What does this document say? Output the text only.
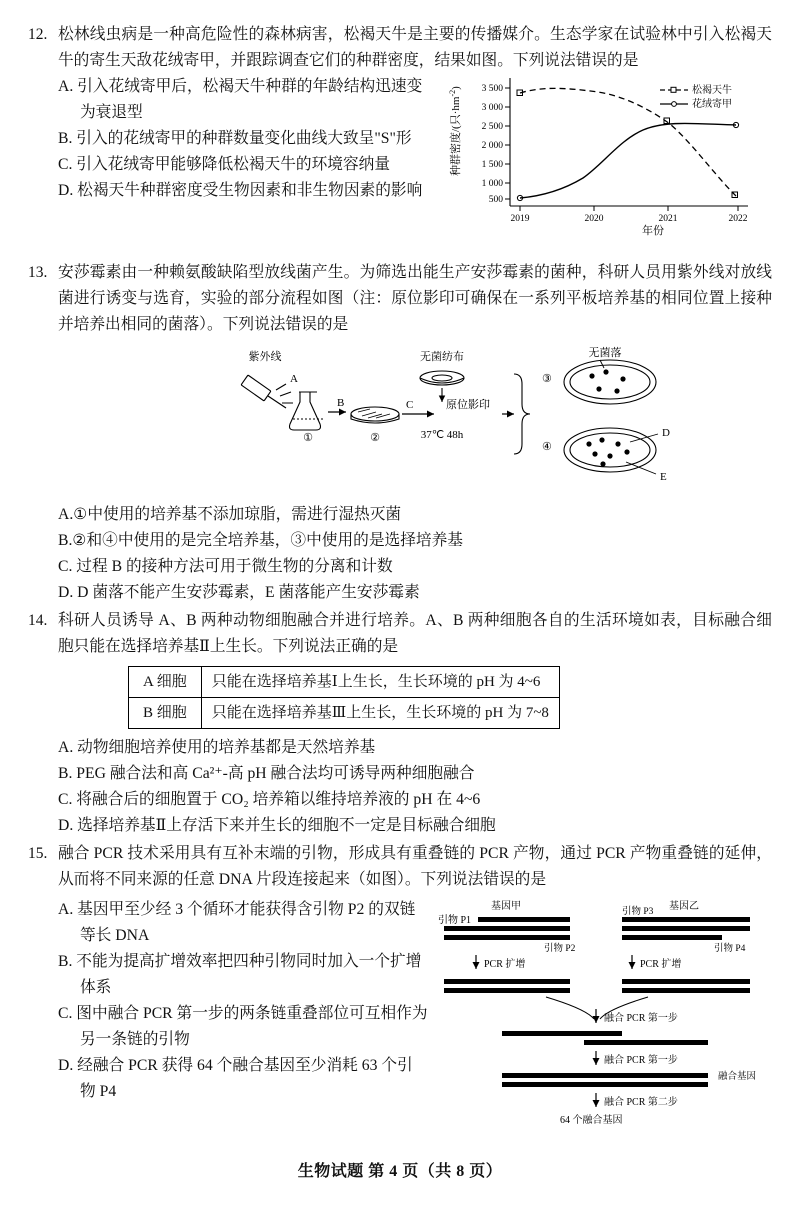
12. 松林线虫病是一种高危险性的森林病害，松褐天牛是主要的传播媒介。生态学家在试验林中引入松褐天牛的寄生天敌花绒寄甲，并跟踪调查它们的种群密度，结果如图。下列说法错误的是
A. 引入花绒寄甲后，松褐天牛种群的年龄结构迅速变为衰退型
B. 引入的花绒寄甲的种群数量变化曲线大致呈"S"形
C. 引入花绒寄甲能够降低松褐天牛的环境容纳量
D. 松褐天牛种群密度受生物因素和非生物因素的影响
种群密度/(只$\cdot hm^{-2}$) 3 500
3 000
2 500
2 000
1 500
1 000
500
2019	2020	2021	2022
年份
松褐天牛
花绒寄甲
13. 安莎霉素由一种赖氨酸缺陷型放线菌产生。为筛选出能生产安莎霉素的菌种，科研人员用紫外线对放线菌进行诱变与选育，实验的部分流程如图（注：原位影印可确保在一系列平板培养基的相同位置上接种并培养出相同的菌落）。下列说法错误的是
紫外线
A
①
B
②
无菌纺布
C	原位影印
37℃ 48h
③
无菌落
④
D
E
A.①中使用的培养基不添加琼脂，需进行湿热灭菌
B.②和④中使用的是完全培养基，③中使用的是选择培养基
C. 过程 B 的接种方法可用于微生物的分离和计数
D. D 菌落不能产生安莎霉素，E 菌落能产生安莎霉素
14. 科研人员诱导 A、B 两种动物细胞融合并进行培养。A、B 两种细胞各自的生活环境如表，目标融合细胞只能在选择培养基Ⅱ上生长。下列说法正确的是
A 细胞	只能在选择培养基Ⅰ上生长，生长环境的 pH 为 4~6
B 细胞	只能在选择培养基Ⅲ上生长，生长环境的 pH 为 7~8
A. 动物细胞培养使用的培养基都是天然培养基
B. PEG 融合法和高 Ca²⁺-高 pH 融合法均可诱导两种细胞融合
C. 将融合后的细胞置于 CO₂ 培养箱以维持培养液的 pH 在 4~6
D. 选择培养基Ⅱ上存活下来并生长的细胞不一定是目标融合细胞
15. 融合 PCR 技术采用具有互补末端的引物，形成具有重叠链的 PCR 产物，通过 PCR 产物重叠链的延伸，从而将不同来源的任意 DNA 片段连接起来（如图）。下列说法错误的是
A. 基因甲至少经 3 个循环才能获得含引物 P2 的双链等长 DNA
B. 不能为提高扩增效率把四种引物同时加入一个扩增体系
C. 图中融合 PCR 第一步的两条链重叠部位可互相作为另一条链的引物
D. 经融合 PCR 获得 64 个融合基因至少消耗 63 个引物 P4
基因甲	基因乙
引物 P1
引物 P2
引物 P3
引物 P4
PCR 扩增	PCR 扩增
融合 PCR 第一步
融合 PCR 第一步
融合基因
融合 PCR 第二步
64 个融合基因
生物试题 第 4 页（共 8 页）
